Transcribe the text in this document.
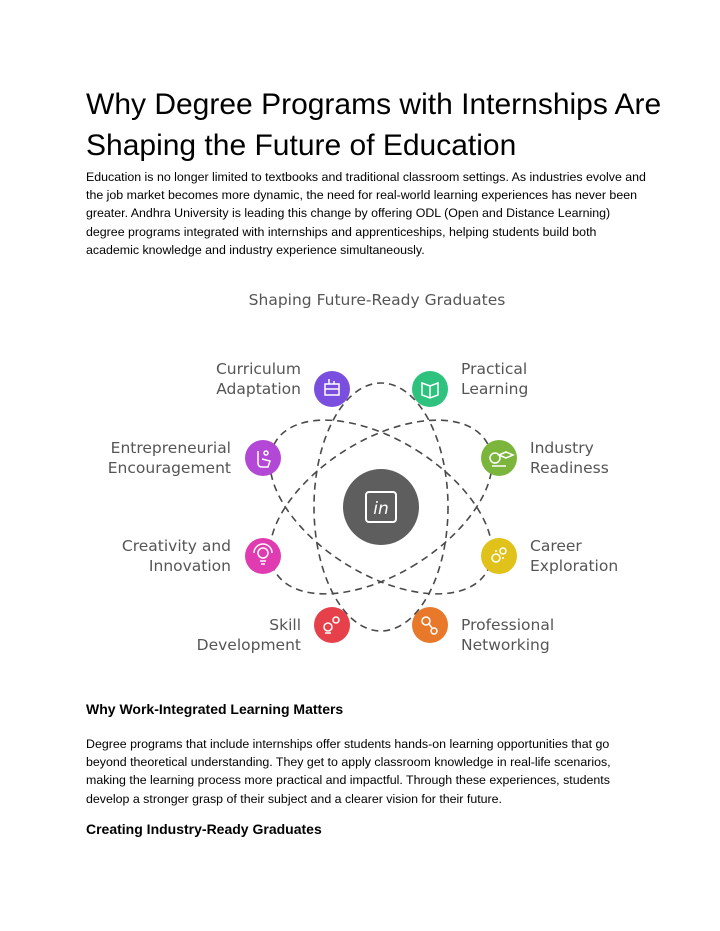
Why Degree Programs with Internships Are Shaping the Future of Education

Education is no longer limited to textbooks and traditional classroom settings. As industries evolve and the job market becomes more dynamic, the need for real-world learning experiences has never been greater. Andhra University is leading this change by offering ODL (Open and Distance Learning) degree programs integrated with internships and apprenticeships, helping students build both academic knowledge and industry experience simultaneously.

Shaping Future-Ready Graduates
in
Curriculum Adaptation
Practical Learning
Entrepreneurial Encouragement
Industry Readiness
Creativity and Innovation
Career Exploration
Skill Development
Professional Networking
Why Work-Integrated Learning Matters

Degree programs that include internships offer students hands-on learning opportunities that go beyond theoretical understanding. They get to apply classroom knowledge in real-life scenarios, making the learning process more practical and impactful. Through these experiences, students develop a stronger grasp of their subject and a clearer vision for their future.

Creating Industry-Ready Graduates
